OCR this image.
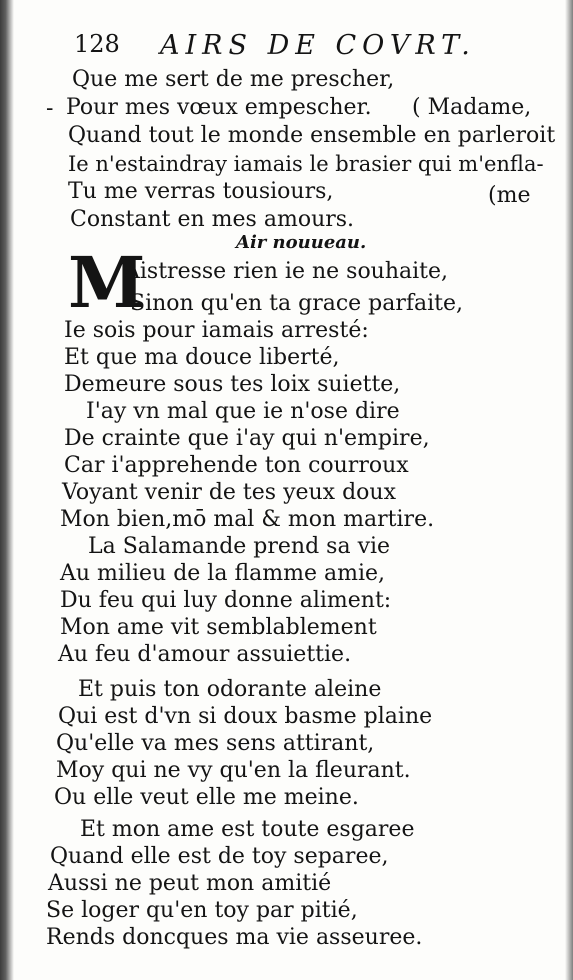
128 AIRS DE COVRT.
-
Que me sert de me prescher,
Pour mes vœux empescher. ( Madame,
Quand tout le monde ensemble en parleroit
Ie n'estaindray iamais le brasier qui m'enfla-
Tu me verras tousiours,	(me
Constant en mes amours.
Air nouueau.
M
Aistresse rien ie ne souhaite,
Sinon qu'en ta grace parfaite,
Ie sois pour iamais arresté:
Et que ma douce liberté,
Demeure sous tes loix suiette,
I'ay vn mal que ie n'ose dire
De crainte que i'ay qui n'empire,
Car i'apprehende ton courroux
Voyant venir de tes yeux doux
Mon bien,mō mal & mon martire.
La Salamande prend sa vie
Au milieu de la flamme amie,
Du feu qui luy donne aliment:
Mon ame vit semblablement
Au feu d'amour assuiettie.
Et puis ton odorante aleine
Qui est d'vn si doux basme plaine
Qu'elle va mes sens attirant,
Moy qui ne vy qu'en la fleurant.
Ou elle veut elle me meine.
Et mon ame est toute esgaree
Quand elle est de toy separee,
Aussi ne peut mon amitié
Se loger qu'en toy par pitié,
Rends doncques ma vie asseuree.
